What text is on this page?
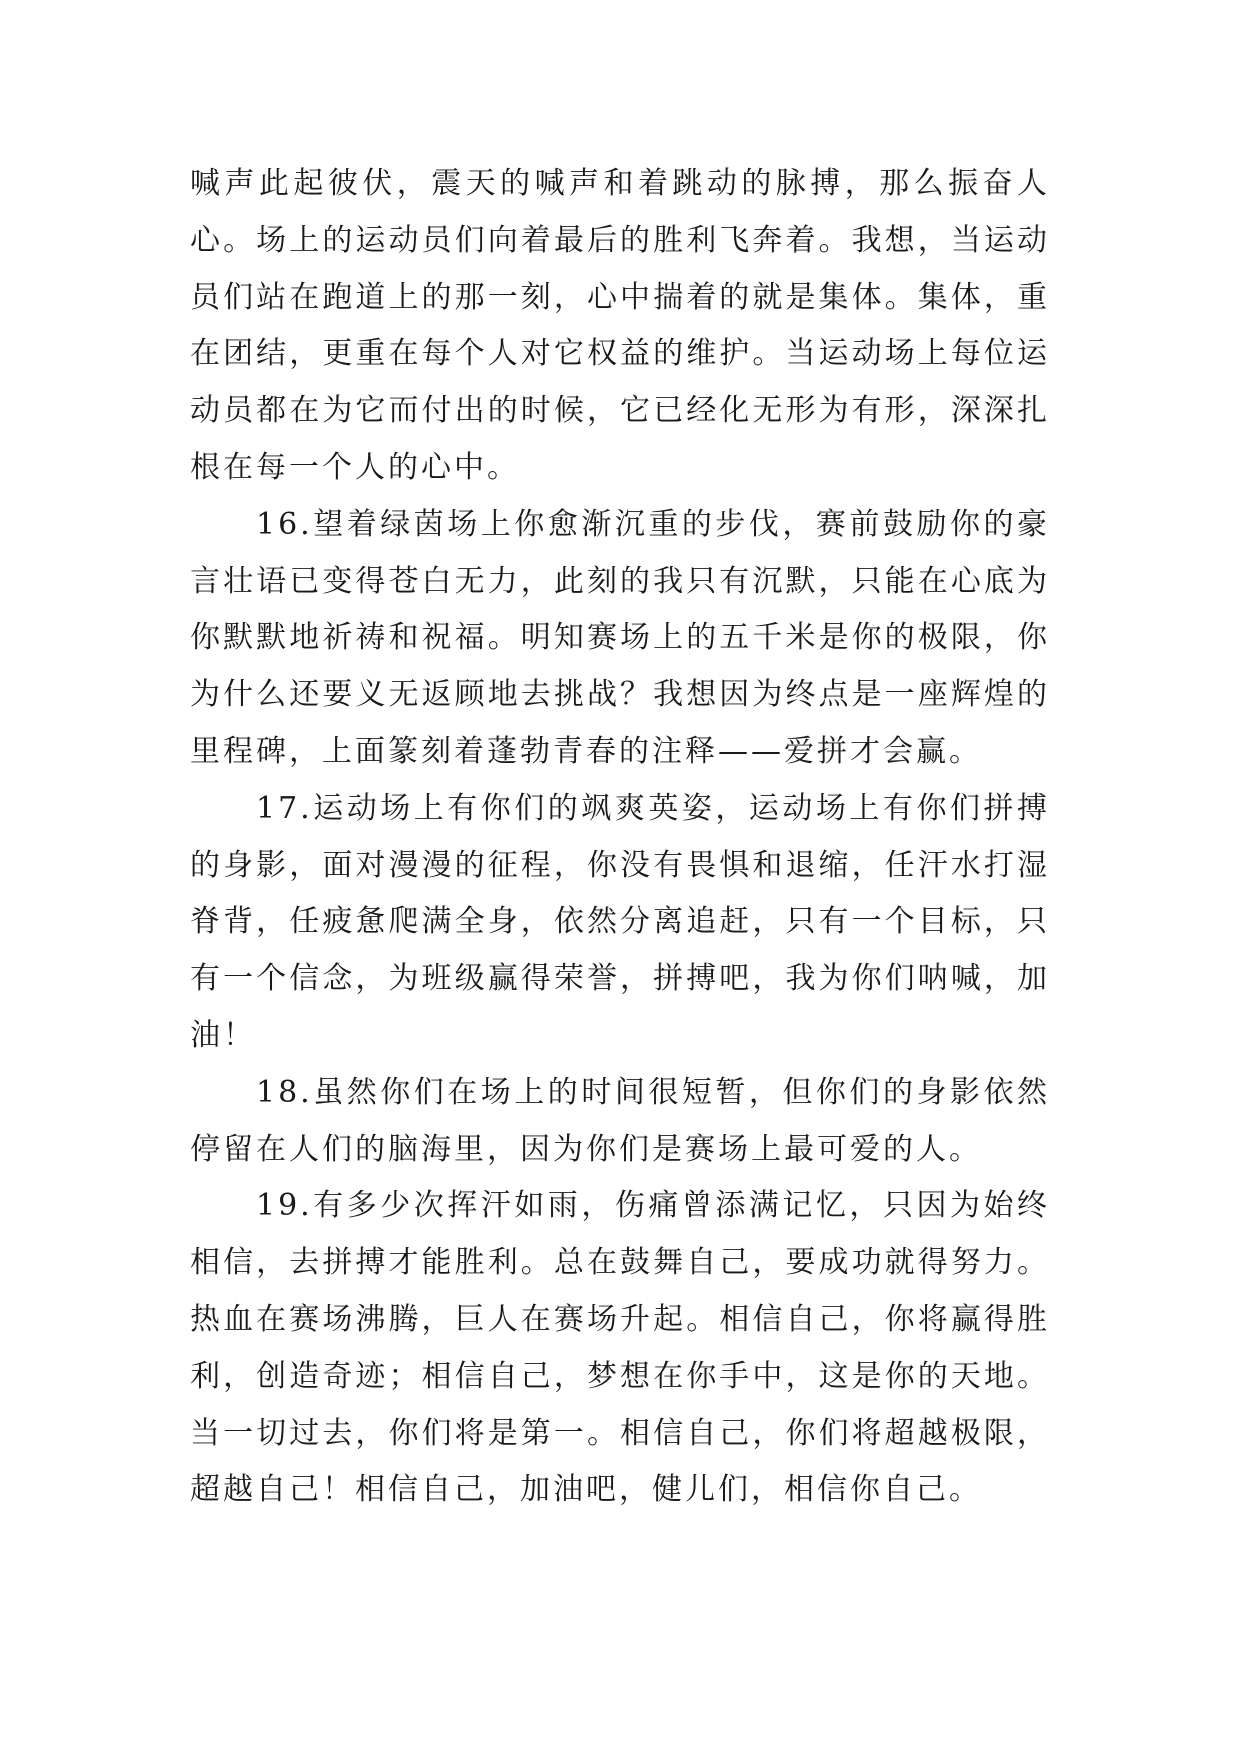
喊声此起彼伏，震天的喊声和着跳动的脉搏，那么振奋人心。场上的运动员们向着最后的胜利飞奔着。我想，当运动员们站在跑道上的那一刻，心中揣着的就是集体。集体，重在团结，更重在每个人对它权益的维护。当运动场上每位运动员都在为它而付出的时候，它已经化无形为有形，深深扎根在每一个人的心中。

16.望着绿茵场上你愈渐沉重的步伐，赛前鼓励你的豪言壮语已变得苍白无力，此刻的我只有沉默，只能在心底为你默默地祈祷和祝福。明知赛场上的五千米是你的极限，你为什么还要义无返顾地去挑战？我想因为终点是一座辉煌的里程碑，上面篆刻着蓬勃青春的注释——爱拼才会赢。

17.运动场上有你们的飒爽英姿，运动场上有你们拼搏的身影，面对漫漫的征程，你没有畏惧和退缩，任汗水打湿脊背，任疲惫爬满全身，依然分离追赶，只有一个目标，只有一个信念，为班级赢得荣誉，拼搏吧，我为你们呐喊，加油！

18.虽然你们在场上的时间很短暂，但你们的身影依然停留在人们的脑海里，因为你们是赛场上最可爱的人。

19.有多少次挥汗如雨，伤痛曾添满记忆，只因为始终相信，去拼搏才能胜利。总在鼓舞自己，要成功就得努力。热血在赛场沸腾，巨人在赛场升起。相信自己，你将赢得胜利，创造奇迹；相信自己，梦想在你手中，这是你的天地。当一切过去，你们将是第一。相信自己，你们将超越极限，超越自己！相信自己，加油吧，健儿们，相信你自己。
